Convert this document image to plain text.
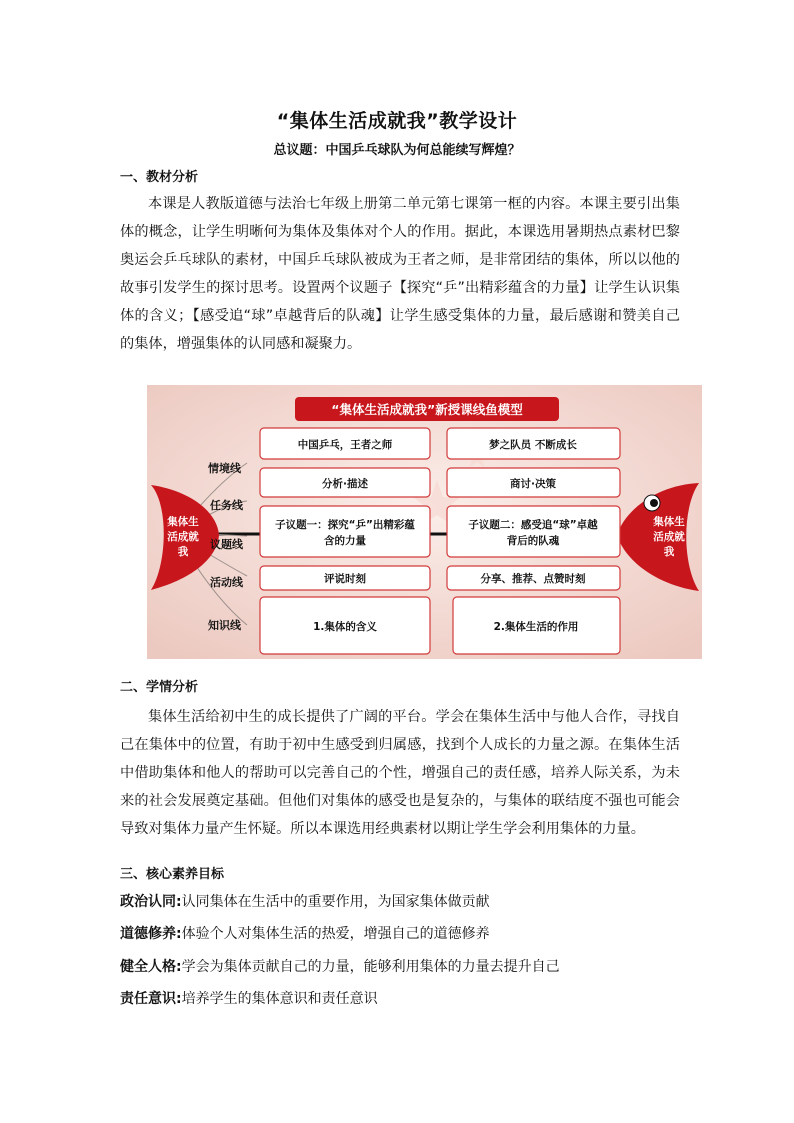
“集体生活成就我”教学设计
总议题：中国乒乓球队为何总能续写辉煌？
一、教材分析
本课是人教版道德与法治七年级上册第二单元第七课第一框的内容。本课主要引出集体的概念，让学生明晰何为集体及集体对个人的作用。据此，本课选用暑期热点素材巴黎奥运会乒乓球队的素材，中国乒乓球队被成为王者之师，是非常团结的集体，所以以他的故事引发学生的探讨思考。设置两个议题子【探究“乒”出精彩蕴含的力量】让学生认识集体的含义；【感受追“球”卓越背后的队魂】让学生感受集体的力量，最后感谢和赞美自己的集体，增强集体的认同感和凝聚力。
“集体生活成就我”新授课线鱼模型
集体生
活成就
我
集体生
活成就
我
情境线
任务线
议题线
活动线
知识线
中国乒乓，王者之师
分析·描述
子议题一：探究“乒”出精彩蕴
含的力量
评说时刻
1.集体的含义
梦之队员 不断成长
商讨·决策
子议题二：感受追“球”卓越
背后的队魂
分享、推荐、点赞时刻
2.集体生活的作用
二、学情分析
集体生活给初中生的成长提供了广阔的平台。学会在集体生活中与他人合作，寻找自己在集体中的位置，有助于初中生感受到归属感，找到个人成长的力量之源。在集体生活中借助集体和他人的帮助可以完善自己的个性，增强自己的责任感，培养人际关系，为未来的社会发展奠定基础。但他们对集体的感受也是复杂的，与集体的联结度不强也可能会导致对集体力量产生怀疑。所以本课选用经典素材以期让学生学会利用集体的力量。
三、核心素养目标
政治认同:认同集体在生活中的重要作用，为国家集体做贡献
道德修养:体验个人对集体生活的热爱，增强自己的道德修养
健全人格:学会为集体贡献自己的力量，能够利用集体的力量去提升自己
责任意识:培养学生的集体意识和责任意识
